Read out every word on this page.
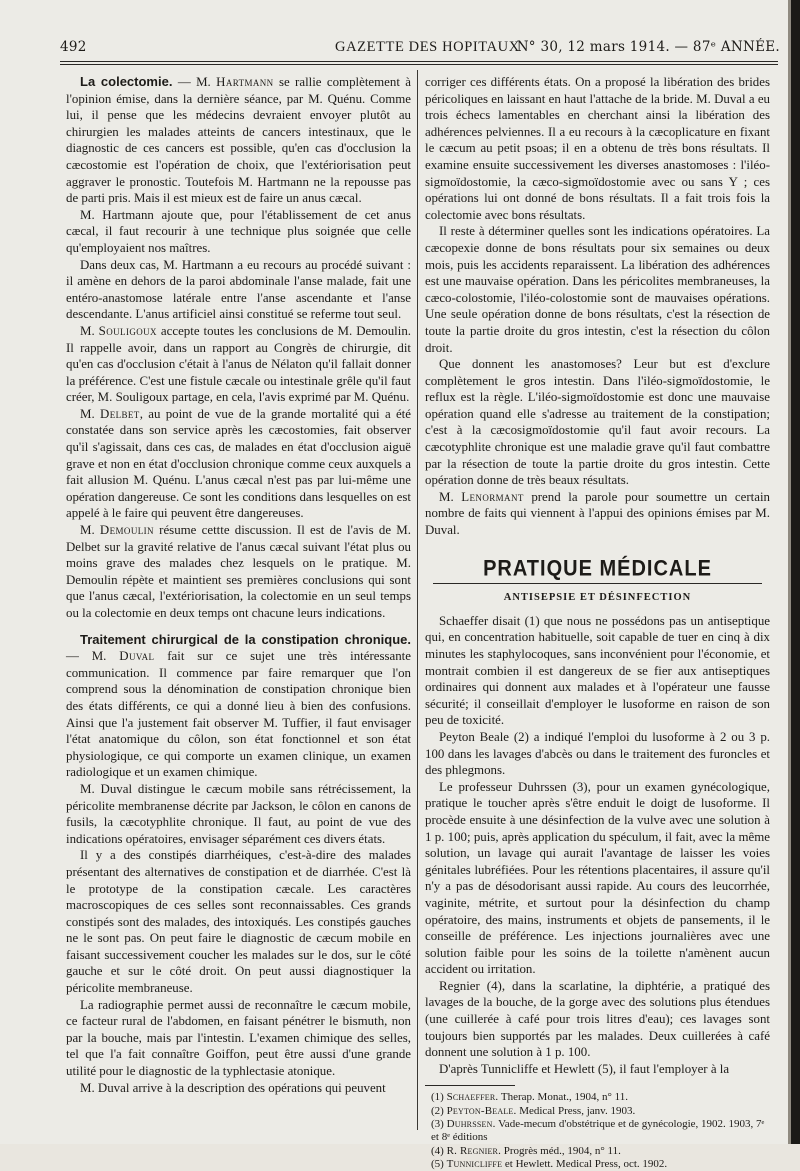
492	GAZETTE DES HOPITAUX
N° 30, 12 mars 1914. — 87ᵉ ANNÉE.

La colectomie. — M. Hartmann se rallie complètement à l'opinion émise, dans la dernière séance, par M. Quénu. Comme lui, il pense que les médecins devraient envoyer plutôt au chirurgien les malades atteints de cancers intestinaux, que le diagnostic de ces cancers est possible, qu'en cas d'occlusion la cæcostomie est l'opération de choix, que l'extériorisation peut aggraver le pronostic. Toutefois M. Hartmann ne la repousse pas de parti pris. Mais il est mieux est de faire un anus cæcal.

M. Hartmann ajoute que, pour l'établissement de cet anus cæcal, il faut recourir à une technique plus soignée que celle qu'employaient nos maîtres.

Dans deux cas, M. Hartmann a eu recours au procédé suivant : il amène en dehors de la paroi abdominale l'anse malade, fait une entéro-anastomose latérale entre l'anse ascendante et l'anse descendante. L'anus artificiel ainsi constitué se referme tout seul.

M. Souligoux accepte toutes les conclusions de M. Demoulin. Il rappelle avoir, dans un rapport au Congrès de chirurgie, dit qu'en cas d'occlusion c'était à l'anus de Nélaton qu'il fallait donner la préférence. C'est une fistule cæcale ou intestinale grêle qu'il faut créer, M. Souligoux partage, en cela, l'avis exprimé par M. Quénu.

M. Delbet, au point de vue de la grande mortalité qui a été constatée dans son service après les cæcostomies, fait observer qu'il s'agissait, dans ces cas, de malades en état d'occlusion aiguë grave et non en état d'occlusion chronique comme ceux auxquels a fait allusion M. Quénu. L'anus cæcal n'est pas par lui-même une opération dangereuse. Ce sont les conditions dans lesquelles on est appelé à le faire qui peuvent être dangereuses.

M. Demoulin résume cettte discussion. Il est de l'avis de M. Delbet sur la gravité relative de l'anus cæcal suivant l'état plus ou moins grave des malades chez lesquels on le pratique. M. Demoulin répète et maintient ses premières conclusions qui sont que l'anus cæcal, l'extériorisation, la colectomie en un seul temps ou la colectomie en deux temps ont chacune leurs indications.

Traitement chirurgical de la constipation chronique. — M. Duval fait sur ce sujet une très intéressante communication. Il commence par faire remarquer que l'on comprend sous la dénomination de constipation chronique bien des états différents, ce qui a donné lieu à bien des confusions. Ainsi que l'a justement fait observer M. Tuffier, il faut envisager l'état anatomique du côlon, son état fonctionnel et son état physiologique, ce qui comporte un examen clinique, un examen radiologique et un examen chimique.

M. Duval distingue le cæcum mobile sans rétrécissement, la péricolite membranense décrite par Jackson, le côlon en canons de fusils, la cæcotyphlite chronique. Il faut, au point de vue des indications opératoires, envisager séparément ces divers états.

Il y a des constipés diarrhéiques, c'est-à-dire des malades présentant des alternatives de constipation et de diarrhée. C'est là le prototype de la constipation cæcale. Les caractères macroscopiques de ces selles sont reconnaissables. Ces grands constipés sont des malades, des intoxiqués. Les constipés gauches ne le sont pas. On peut faire le diagnostic de cæcum mobile en faisant successivement coucher les malades sur le dos, sur le côté gauche et sur le côté droit. On peut aussi diagnostiquer la péricolite membraneuse.

La radiographie permet aussi de reconnaître le cæcum mobile, ce facteur rural de l'abdomen, en faisant pénétrer le bismuth, non par la bouche, mais par l'intestin. L'examen chimique des selles, tel que l'a fait connaître Goiffon, peut être aussi d'une grande utilité pour le diagnostic de la typhlectasie atonique.

M. Duval arrive à la description des opérations qui peuvent

corriger ces différents états. On a proposé la libération des brides péricoliques en laissant en haut l'attache de la bride. M. Duval a eu trois échecs lamentables en cherchant ainsi la libération des adhérences pelviennes. Il a eu recours à la cæcoplicature en fixant le cæcum au petit psoas; il en a obtenu de très bons résultats. Il examine ensuite successivement les diverses anastomoses : l'iléo-sigmoïdostomie, la cæco-sigmoïdostomie avec ou sans Y ; ces opérations lui ont donné de bons résultats. Il a fait trois fois la colectomie avec bons résultats.

Il reste à déterminer quelles sont les indications opératoires. La cæcopexie donne de bons résultats pour six semaines ou deux mois, puis les accidents reparaissent. La libération des adhérences est une mauvaise opération. Dans les péricolites membraneuses, la cæco-colostomie, l'iléo-colostomie sont de mauvaises opérations. Une seule opération donne de bons résultats, c'est la résection de toute la partie droite du gros intestin, c'est la résection du côlon droit.

Que donnent les anastomoses? Leur but est d'exclure complètement le gros intestin. Dans l'iléo-sigmoïdostomie, le reflux est la règle. L'iléo-sigmoïdostomie est donc une mauvaise opération quand elle s'adresse au traitement de la constipation; c'est à la cæcosigmoïdostomie qu'il faut avoir recours. La cæcotyphlite chronique est une maladie grave qu'il faut combattre par la résection de toute la partie droite du gros intestin. Cette opération donne de très beaux résultats.

M. Lenormant prend la parole pour soumettre un certain nombre de faits qui viennent à l'appui des opinions émises par M. Duval.

PRATIQUE MÉDICALE
ANTISEPSIE ET DÉSINFECTION

Schaeffer disait (1) que nous ne possédons pas un antiseptique qui, en concentration habituelle, soit capable de tuer en cinq à dix minutes les staphylocoques, sans inconvénient pour l'économie, et montrait combien il est dangereux de se fier aux antiseptiques ordinaires qui donnent aux malades et à l'opérateur une fausse sécurité; il conseillait d'employer le lusoforme en raison de son peu de toxicité.

Peyton Beale (2) a indiqué l'emploi du lusoforme à 2 ou 3 p. 100 dans les lavages d'abcès ou dans le traitement des furoncles et des phlegmons.

Le professeur Duhrssen (3), pour un examen gynécologique, pratique le toucher après s'être enduit le doigt de lusoforme. Il procède ensuite à une désinfection de la vulve avec une solution à 1 p. 100; puis, après application du spéculum, il fait, avec la même solution, un lavage qui aurait l'avantage de laisser les voies génitales lubréfiées. Pour les rétentions placentaires, il assure qu'il n'y a pas de désodorisant aussi rapide. Au cours des leucorrhée, vaginite, métrite, et surtout pour la désinfection du champ opératoire, des mains, instruments et objets de pansements, il le conseille de préférence. Les injections journalières avec une solution faible pour les soins de la toilette n'amènent aucun accident ou irritation.

Regnier (4), dans la scarlatine, la diphtérie, a pratiqué des lavages de la bouche, de la gorge avec des solutions plus étendues (une cuillerée à café pour trois litres d'eau); ces lavages sont toujours bien supportés par les malades. Deux cuillerées à café donnent une solution à 1 p. 100.

D'après Tunnicliffe et Hewlett (5), il faut l'employer à la

(1) Schaeffer. Therap. Monat., 1904, n° 11.

(2) Peyton-Beale. Medical Press, janv. 1903.

(3) Duhrssen. Vade-mecum d'obstétrique et de gynécologie, 1902. 1903, 7ᵉ et 8ᵉ éditions

(4) R. Regnier. Progrès méd., 1904, n° 11.

(5) Tunnicliffe et Hewlett. Medical Press, oct. 1902.
